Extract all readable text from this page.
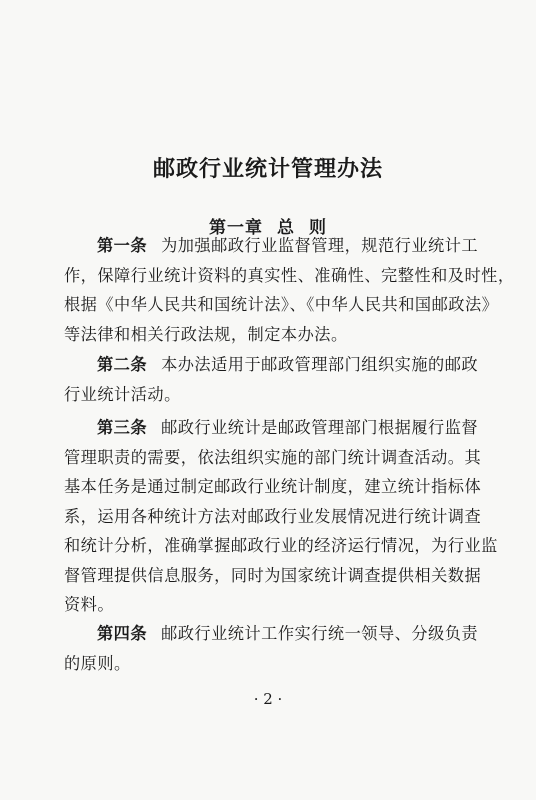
邮政行业统计管理办法
第一章 总 则
第一条 为加强邮政行业监督管理，规范行业统计工
作，保障行业统计资料的真实性、准确性、完整性和及时性，
根据《中华人民共和国统计法》、《中华人民共和国邮政法》
等法律和相关行政法规，制定本办法。
第二条 本办法适用于邮政管理部门组织实施的邮政
行业统计活动。
第三条 邮政行业统计是邮政管理部门根据履行监督
管理职责的需要，依法组织实施的部门统计调查活动。其
基本任务是通过制定邮政行业统计制度，建立统计指标体
系，运用各种统计方法对邮政行业发展情况进行统计调查
和统计分析，准确掌握邮政行业的经济运行情况，为行业监
督管理提供信息服务，同时为国家统计调查提供相关数据
资料。
第四条 邮政行业统计工作实行统一领导、分级负责
的原则。
· 2 ·
